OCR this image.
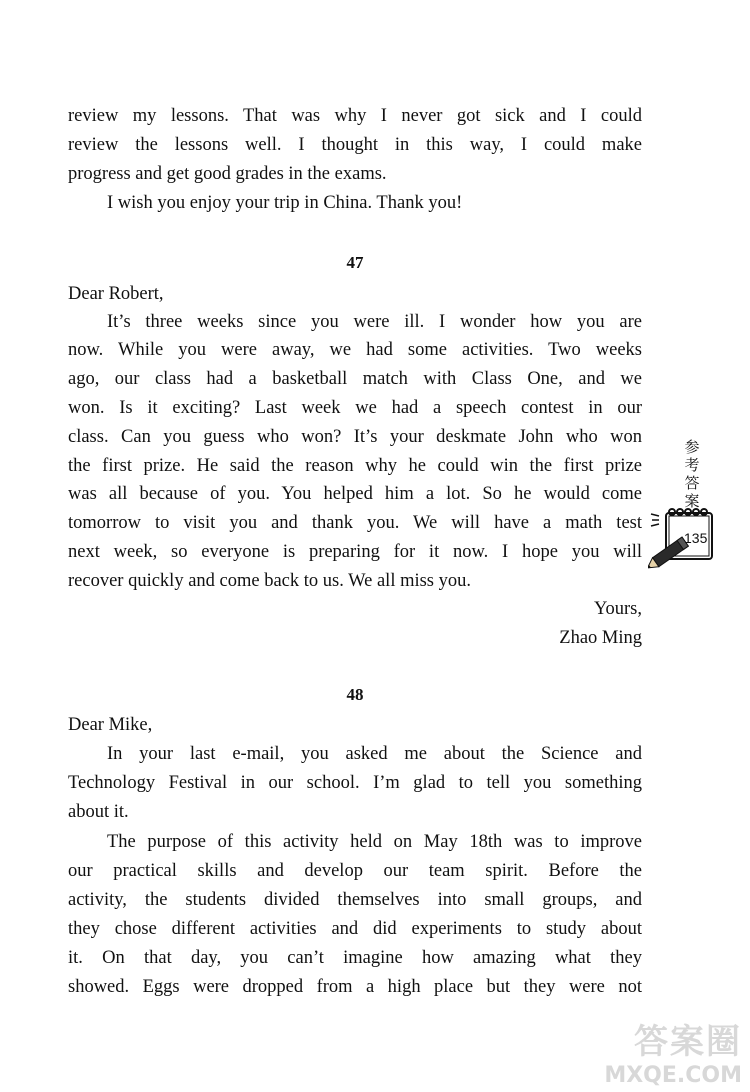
review my lessons. That was why I never got sick and I could
review the lessons well. I thought in this way, I could make
progress and get good grades in the exams.
I wish you enjoy your trip in China. Thank you!
47
Dear Robert,
It’s three weeks since you were ill. I wonder how you are
now. While you were away, we had some activities. Two weeks
ago, our class had a basketball match with Class One, and we
won. Is it exciting? Last week we had a speech contest in our
class. Can you guess who won? It’s your deskmate John who won
the first prize. He said the reason why he could win the first prize
was all because of you. You helped him a lot. So he would come
tomorrow to visit you and thank you. We will have a math test
next week, so everyone is preparing for it now. I hope you will
recover quickly and come back to us. We all miss you.
Yours,
Zhao Ming
48
Dear Mike,
In your last e-mail, you asked me about the Science and
Technology Festival in our school. I’m glad to tell you something
about it.
The purpose of this activity held on May 18th was to improve
our practical skills and develop our team spirit. Before the
activity, the students divided themselves into small groups, and
they chose different activities and did experiments to study about
it. On that day, you can’t imagine how amazing what they
showed. Eggs were dropped from a high place but they were not
参
考
答
案
135
答案圈
MXQE.COM
